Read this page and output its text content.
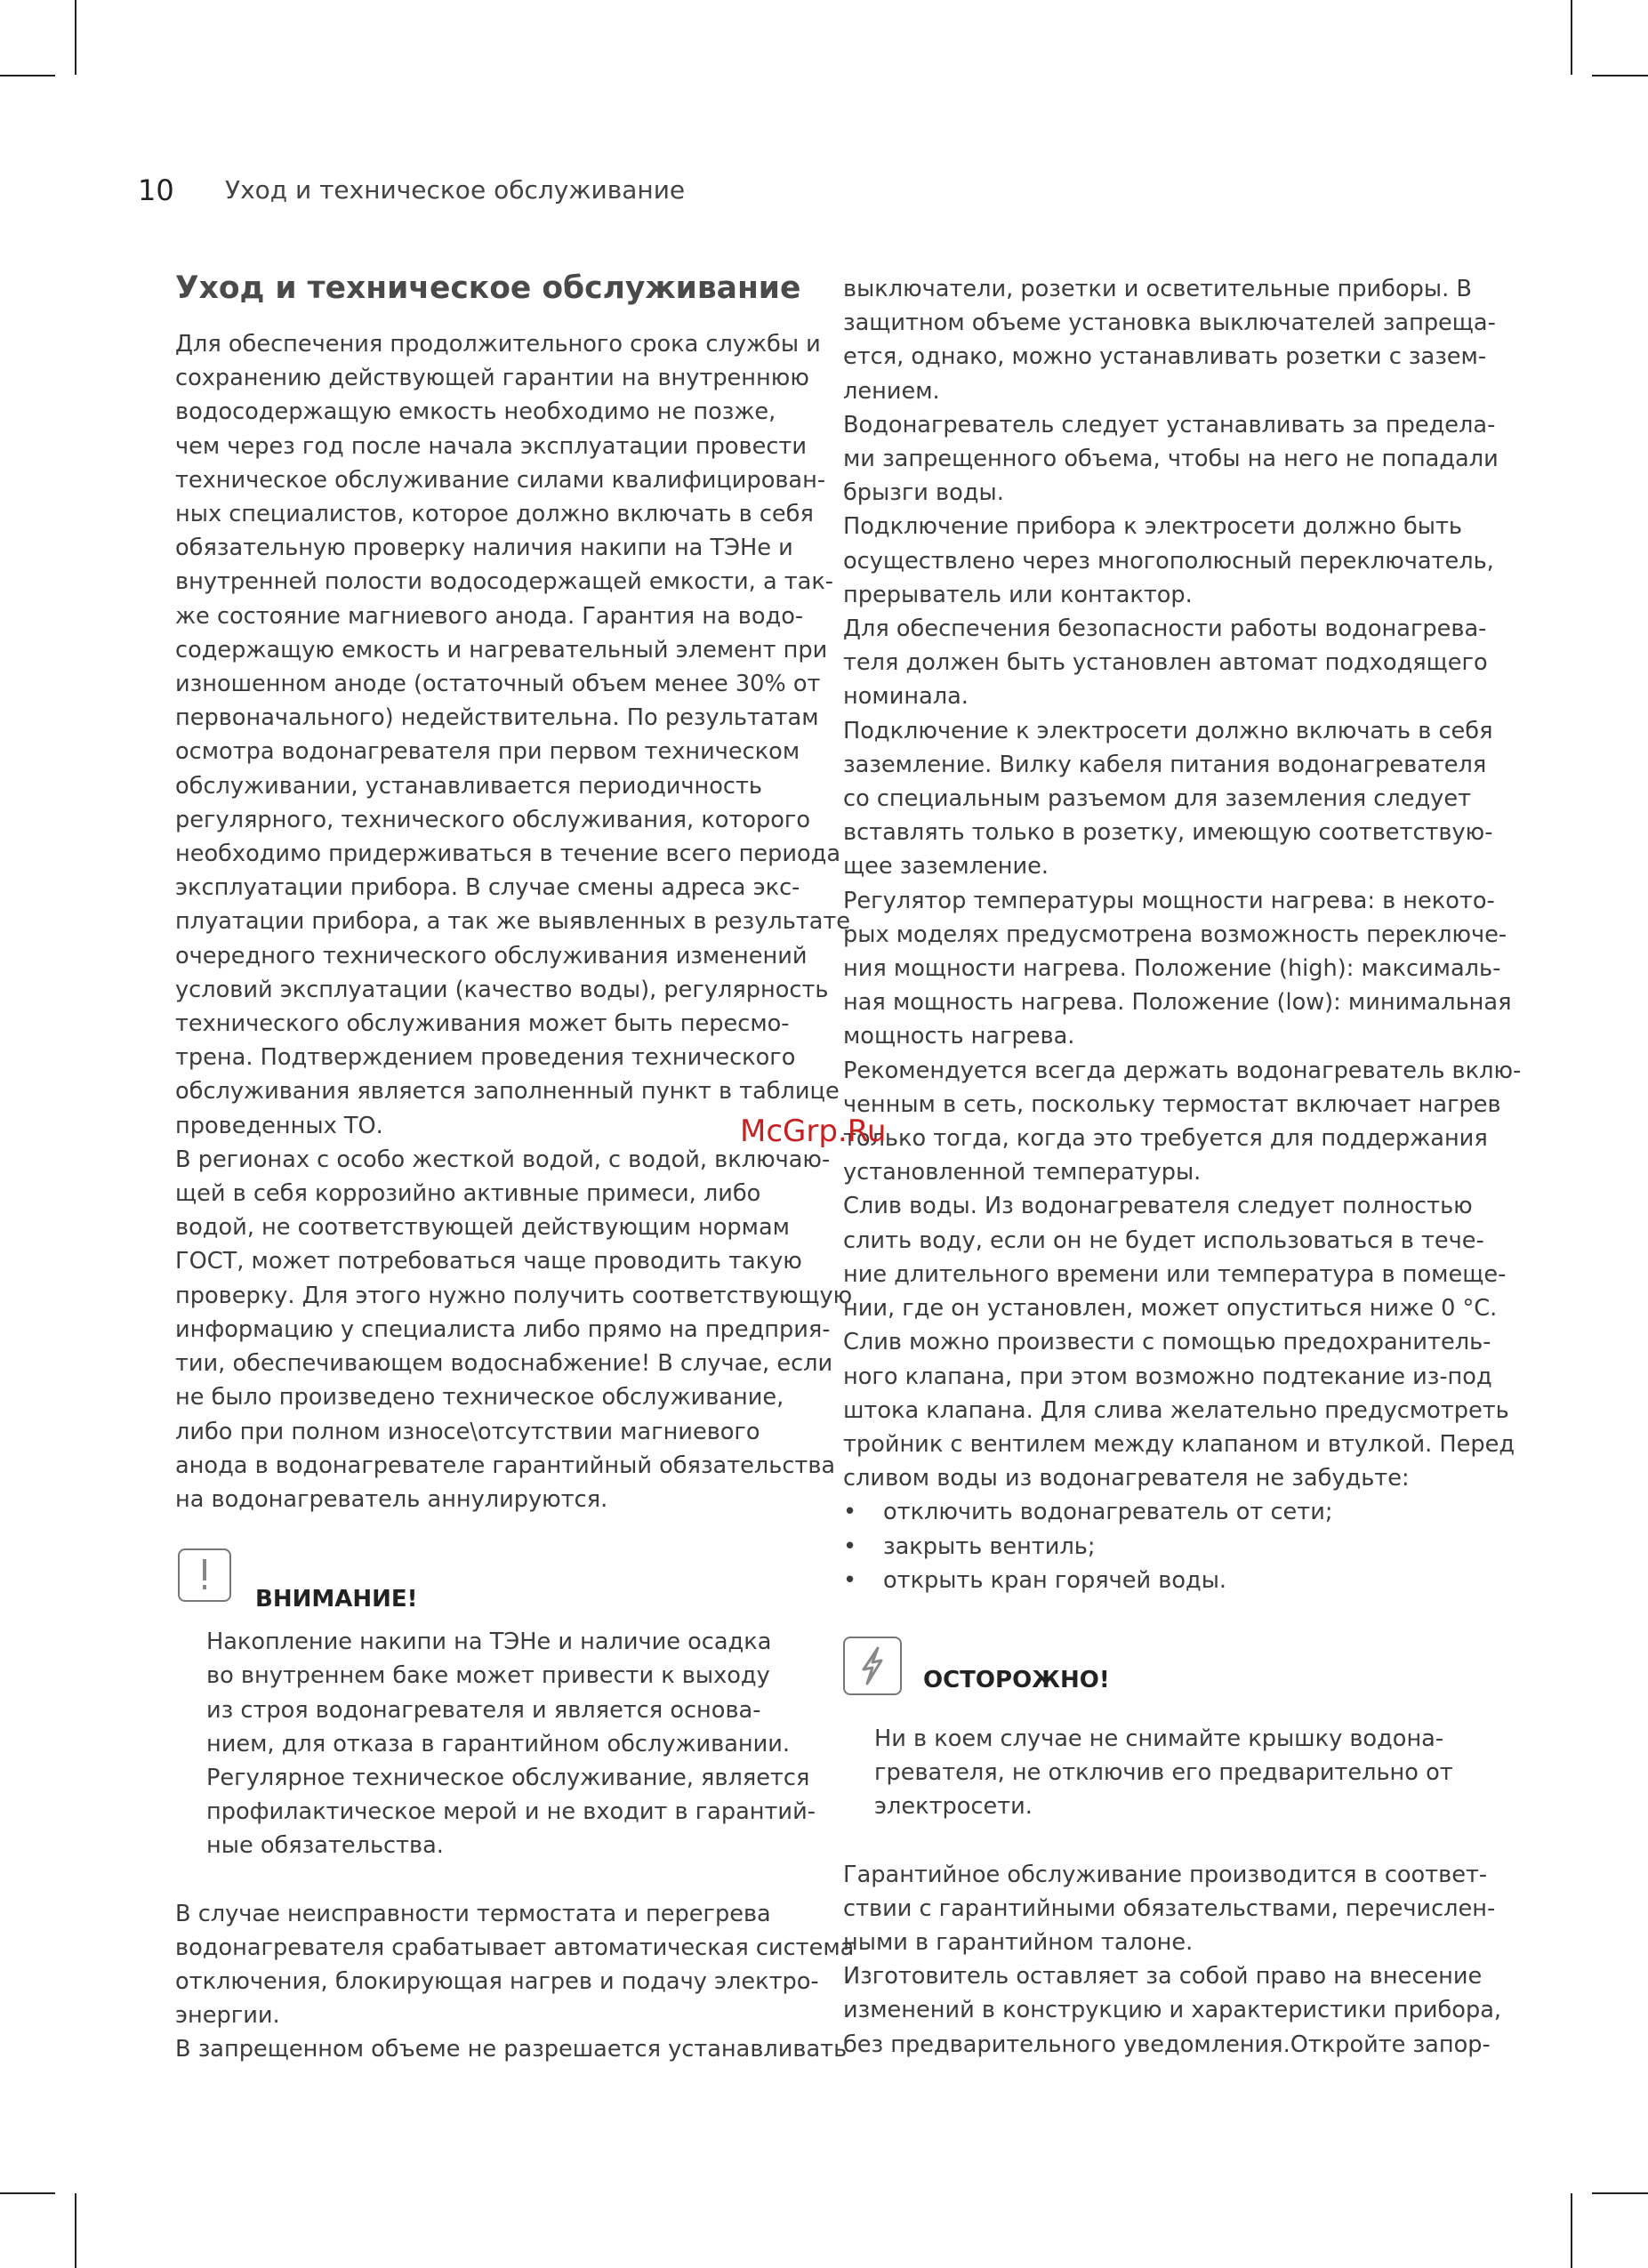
10 Уход и техническое обслуживание
Уход и техническое обслуживание

Для обеспечения продолжительного срока службы и

сохранению действующей гарантии на внутреннюю

водосодержащую емкость необходимо не позже,

чем через год после начала эксплуатации провести

техническое обслуживание силами квалифицирован-

ных специалистов, которое должно включать в себя

обязательную проверку наличия накипи на ТЭНе и

внутренней полости водосодержащей емкости, а так-

же состояние магниевого анода. Гарантия на водо-

содержащую емкость и нагревательный элемент при

изношенном аноде (остаточный объем менее 30% от

первоначального) недействительна. По результатам

осмотра водонагревателя при первом техническом

обслуживании, устанавливается периодичность

регулярного, технического обслуживания, которого

необходимо придерживаться в течение всего периода

эксплуатации прибора. В случае смены адреса экс-

плуатации прибора, а так же выявленных в результате

очередного технического обслуживания изменений

условий эксплуатации (качество воды), регулярность

технического обслуживания может быть пересмо-

трена. Подтверждением проведения технического

обслуживания является заполненный пункт в таблице

проведенных ТО.

В регионах с особо жесткой водой, с водой, включаю-

щей в себя коррозийно активные примеси, либо

водой, не соответствующей действующим нормам

ГОСТ, может потребоваться чаще проводить такую

проверку. Для этого нужно получить соответствующую

информацию у специалиста либо прямо на предприя-

тии, обеспечивающем водоснабжение! В случае, если

не было произведено техническое обслуживание,

либо при полном износе\отсутствии магниевого

анода в водонагревателе гарантийный обязательства

на водонагреватель аннулируются.

ВНИМАНИЕ!

Накопление накипи на ТЭНе и наличие осадка

во внутреннем баке может привести к выходу

из строя водонагревателя и является основа-

нием, для отказа в гарантийном обслуживании.

Регулярное техническое обслуживание, является

профилактическое мерой и не входит в гарантий-

ные обязательства.

В случае неисправности термостата и перегрева

водонагревателя срабатывает автоматическая система

отключения, блокирующая нагрев и подачу электро-

энергии.

В запрещенном объеме не разрешается устанавливать

выключатели, розетки и осветительные приборы. В

защитном объеме установка выключателей запреща-

ется, однако, можно устанавливать розетки с зазем-

лением.

Водонагреватель следует устанавливать за предела-

ми запрещенного объема, чтобы на него не попадали

брызги воды.

Подключение прибора к электросети должно быть

осуществлено через многополюсный переключатель,

прерыватель или контактор.

Для обеспечения безопасности работы водонагрева-

теля должен быть установлен автомат подходящего

номинала.

Подключение к электросети должно включать в себя

заземление. Вилку кабеля питания водонагревателя

со специальным разъемом для заземления следует

вставлять только в розетку, имеющую соответствую-

щее заземление.

Регулятор температуры мощности нагрева: в некото-

рых моделях предусмотрена возможность переключе-

ния мощности нагрева. Положение (high): максималь-

ная мощность нагрева. Положение (low): минимальная

мощность нагрева.

Рекомендуется всегда держать водонагреватель вклю-

ченным в сеть, поскольку термостат включает нагрев

только тогда, когда это требуется для поддержания

установленной температуры.

Слив воды. Из водонагревателя следует полностью

слить воду, если он не будет использоваться в тече-

ние длительного времени или температура в помеще-

нии, где он установлен, может опуститься ниже 0 °С.

Слив можно произвести с помощью предохранитель-

ного клапана, при этом возможно подтекание из-под

штока клапана. Для слива желательно предусмотреть

тройник с вентилем между клапаном и втулкой. Перед

сливом воды из водонагревателя не забудьте:

• отключить водонагреватель от сети;

• закрыть вентиль;

• открыть кран горячей воды.

ОСТОРОЖНО!

Ни в коем случае не снимайте крышку водона-

гревателя, не отключив его предварительно от

электросети.

Гарантийное обслуживание производится в соответ-

ствии с гарантийными обязательствами, перечислен-

ными в гарантийном талоне.

Изготовитель оставляет за собой право на внесение

изменений в конструкцию и характеристики прибора,

без предварительного уведомления.Откройте запор-

McGrp.Ru
